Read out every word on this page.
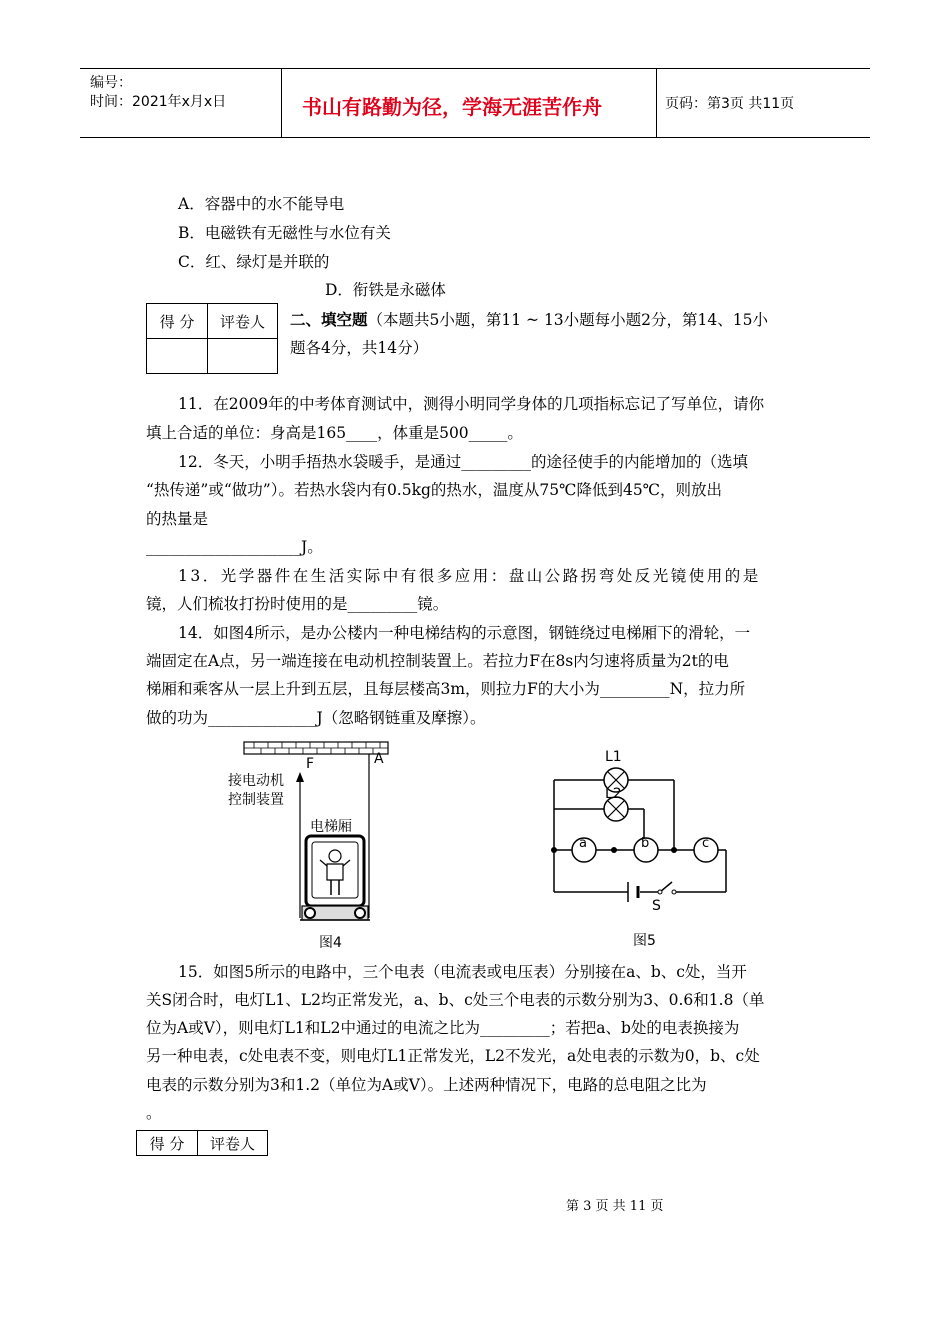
编号：
时间：2021年x月x日	书山有路勤为径，学海无涯苦作舟	页码：第3页 共11页
A．容器中的水不能导电
B．电磁铁有无磁性与水位有关
C．红、绿灯是并联的
D．衔铁是永磁体
得 分	评卷人
	二、填空题（本题共5小题，第11 ~ 13小题每小题2分，第14、15小
题各4分，共14分）
11．在2009年的中考体育测试中，测得小明同学身体的几项指标忘记了写单位，请你
填上合适的单位：身高是165____，体重是500_____。
12．冬天，小明手捂热水袋暖手，是通过_________的途径使手的内能增加的（选填
“热传递”或“做功”）。若热水袋内有0.5kg的热水，温度从75℃降低到45℃，则放出
的热量是
____________________J。
13．光学器件在生活实际中有很多应用：盘山公路拐弯处反光镜使用的是
镜，人们梳妆打扮时使用的是_________镜。
14．如图4所示，是办公楼内一种电梯结构的示意图，钢链绕过电梯厢下的滑轮，一
端固定在A点，另一端连接在电动机控制装置上。若拉力F在8s内匀速将质量为2t的电
梯厢和乘客从一层上升到五层，且每层楼高3m，则拉力F的大小为_________N，拉力所
做的功为______________J（忽略钢链重及摩擦）。
F	A
接电动机
控制装置
电梯厢
图4
L1
L2
a	b	c
S
图5
15．如图5所示的电路中，三个电表（电流表或电压表）分别接在a、b、c处，当开
关S闭合时，电灯L1、L2均正常发光，a、b、c处三个电表的示数分别为3、0.6和1.8（单
位为A或V），则电灯L1和L2中通过的电流之比为_________；若把a、b处的电表换接为
另一种电表，c处电表不变，则电灯L1正常发光，L2不发光，a处电表的示数为0，b、c处
电表的示数分别为3和1.2（单位为A或V）。上述两种情况下，电路的总电阻之比为
。
得 分	评卷人
第 3 页 共 11 页
